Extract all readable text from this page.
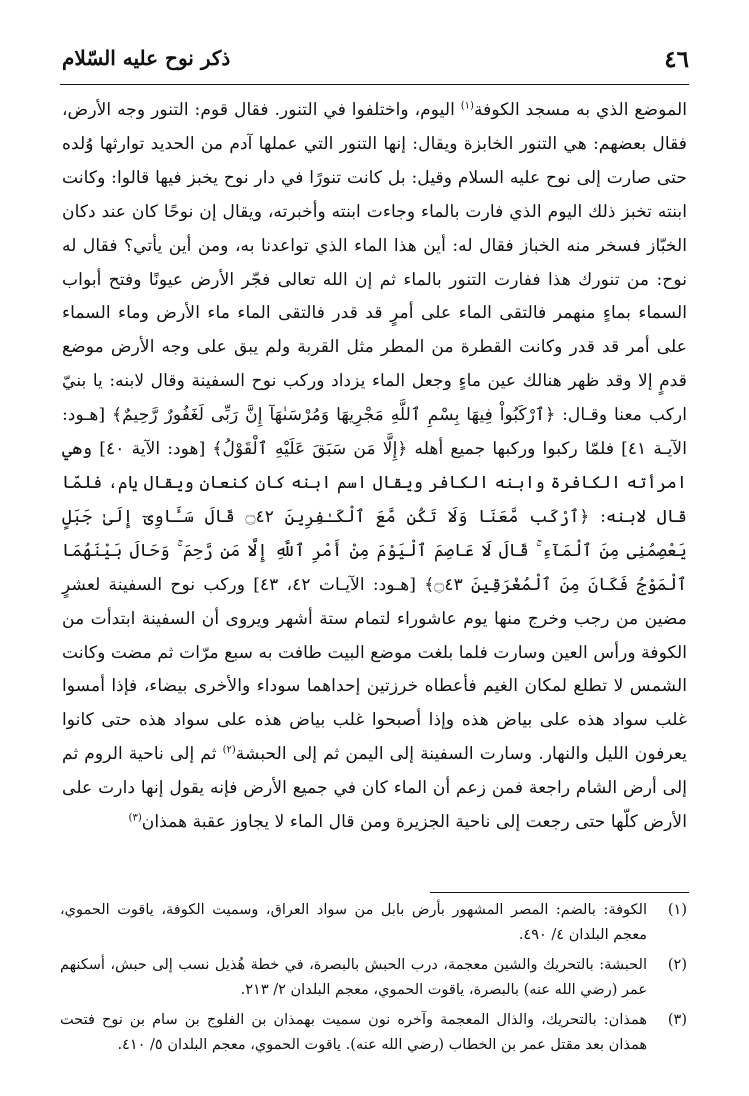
٤٦
ذكر نوح عليه السّلام

الموضع الذي به مسجد الكوفة$^{(١)}$ اليوم، واختلفوا في التنور. فقال قوم: التنور وجه الأرض، فقال بعضهم: هي التنور الخابزة ويقال: إنها التنور التي عملها آدم من الحديد توارثها وُلده حتى صارت إلى نوح عليه السلام وقيل: بل كانت تنورًا في دار نوح يخبز فيها قالوا: وكانت ابنته تخبز ذلك اليوم الذي فارت بالماء وجاءت ابنته وأخبرته، ويقال إن نوحًا كان عند دكان الخبّاز فسخر منه الخباز فقال له: أين هذا الماء الذي تواعدنا به، ومن أين يأتي؟ فقال له نوح: من تنورك هذا ففارت التنور بالماء ثم إن الله تعالى فجّر الأرض عيونًا وفتح أبواب السماء بماءٍ منهمر فالتقى الماء على أمرٍ قد قدر فالتقى الماء ماء الأرض وماء السماء على أمر قد قدر وكانت القطرة من المطر مثل القربة ولم يبق على وجه الأرض موضع قدمٍ إلا وقد ظهر هنالك عين ماءٍ وجعل الماء يزداد وركب نوح السفينة وقال لابنه: يا بنيّ اركب معنا وقـال: ﴿ٱرْكَبُواْ فِيهَا بِسْمِ ٱللَّهِ مَجْرِيهَا وَمُرْسَىٰهَآ إِنَّ رَبِّى لَغَفُورٌ رَّحِيمٌ﴾ [هـود: الآيـة ٤١] فلمّا ركبوا وركبها جميع أهله ﴿إِلَّا مَن سَبَقَ عَلَيْهِ ٱلْقَوْلُ﴾ [هود: الآية ٤٠] وهي امرأته الكافرة وابنه الكافر ويقال اسم ابنه كان كنعان ويقال يام، فلمّا قال لابنه: ﴿ٱرْكَب مَّعَنَا وَلَا تَكُن مَّعَ ٱلْكَـٰفِرِينَ ۝٤٢ قَالَ سَـَٔاوِىٓ إِلَىٰ جَبَلٍ يَعْصِمُنِى مِنَ ٱلْمَآءِ ۚ قَالَ لَا عَاصِمَ ٱلْيَوْمَ مِنْ أَمْرِ ٱللَّهِ إِلَّا مَن رَّحِمَ ۚ وَحَالَ بَيْنَهُمَا ٱلْمَوْجُ فَكَانَ مِنَ ٱلْمُغْرَقِينَ ۝٤٣﴾ [هـود: الآيـات ٤٢، ٤٣] وركب نوح السفينة لعشرٍ مضين من رجب وخرج منها يوم عاشوراء لتمام ستة أشهر ويروى أن السفينة ابتدأت من الكوفة ورأس العين وسارت فلما بلغت موضع البيت طافت به سبع مرّات ثم مضت وكانت الشمس لا تطلع لمكان الغيم فأعطاه خرزتين إحداهما سوداء والأخرى بيضاء، فإذا أمسوا غلب سواد هذه على بياض هذه وإذا أصبحوا غلب بياض هذه على سواد هذه حتى كانوا يعرفون الليل والنهار. وسارت السفينة إلى اليمن ثم إلى الحبشة$^{(٢)}$ ثم إلى ناحية الروم ثم إلى أرض الشام راجعة فمن زعم أن الماء كان في جميع الأرض فإنه يقول إنها دارت على الأرض كلّها حتى رجعت إلى ناحية الجزيرة ومن قال الماء لا يجاوز عقبة همذان$^{(٣)}$

(١)
الكوفة: بالضم: المصر المشهور بأرض بابل من سواد العراق، وسميت الكوفة، ياقوت الحموي، معجم البلدان ٤/ ٤٩٠.
(٢)
الحبشة: بالتحريك والشين معجمة، درب الحبش بالبصرة، في خطة هُذيل نسب إلى حبش، أسكنهم عمر (رضي الله عنه) بالبصرة، ياقوت الحموي، معجم البلدان ٢/ ٢١٣.
(٣)
همذان: بالتحريك، والذال المعجمة وآخره نون سميت بهمذان بن الفلوج بن سام بن نوح فتحت همذان بعد مقتل عمر بن الخطاب (رضي الله عنه). ياقوت الحموي، معجم البلدان ٥/ ٤١٠.
